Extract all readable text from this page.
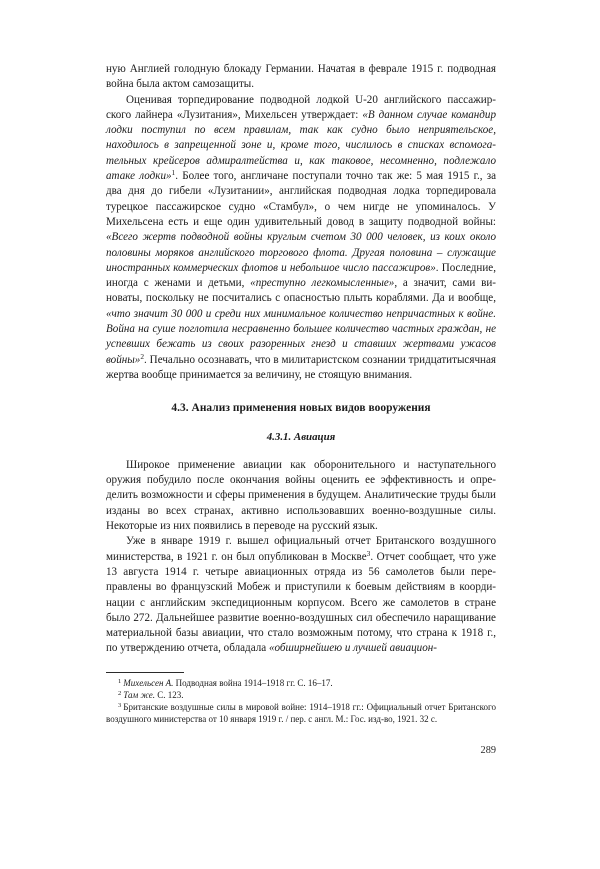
ную Англией голодную блокаду Германии. Начатая в феврале 1915 г. подводная война была актом самозащиты.

Оценивая торпедирование подводной лодкой U-20 английского пассажирского лайнера «Лузитания», Михельсен утверждает: «В данном случае командир лодки поступил по всем правилам, так как судно было неприятельское, находилось в запрещенной зоне и, кроме того, числилось в списках вспомогательных крейсеров адмиралтейства и, как таковое, несомненно, подлежало атаке лодки»$^1$. Более того, англичане поступали точно так же: 5 мая 1915 г., за два дня до гибели «Лузитании», английская подводная лодка торпедировала турецкое пассажирское судно «Стамбул», о чем нигде не упоминалось. У Михельсена есть и еще один удивительный довод в защиту подводной войны: «Всего жертв подводной войны круглым счетом 30 000 человек, из коих около половины моряков английского торгового флота. Другая половина – служащие иностранных коммерческих флотов и небольшое число пассажиров». Последние, иногда с женами и детьми, «преступно легкомысленные», а значит, сами виноваты, поскольку не посчитались с опасностью плыть кораблями. Да и вообще, «что значит 30 000 и среди них минимальное количество непричастных к войне. Война на суше поглотила несравненно большее количество частных граждан, не успевших бежать из своих разоренных гнезд и ставших жертвами ужасов войны»$^2$. Печально осознавать, что в милитаристском сознании тридцатитысячная жертва вообще принимается за величину, не стоящую внимания.

4.3. Анализ применения новых видов вооружения
4.3.1. Авиация

Широкое применение авиации как оборонительного и наступательного оружия побудило после окончания войны оценить ее эффективность и определить возможности и сферы применения в будущем. Аналитические труды были изданы во всех странах, активно использовавших военно-воздушные силы. Некоторые из них появились в переводе на русский язык.

Уже в январе 1919 г. вышел официальный отчет Британского воздушного министерства, в 1921 г. он был опубликован в Москве$^3$. Отчет сообщает, что уже 13 августа 1914 г. четыре авиационных отряда из 56 самолетов были переправлены во французский Мобеж и приступили к боевым действиям в координации с английским экспедиционным корпусом. Всего же самолетов в стране было 272. Дальнейшее развитие военно-воздушных сил обеспечило наращивание материальной базы авиации, что стало возможным потому, что страна к 1918 г., по утверждению отчета, обладала «обширнейшею и лучшей авиацион-

$^1$ Михельсен А. Подводная война 1914–1918 гг. С. 16–17.

$^2$ Там же. С. 123.

$^3$ Британские воздушные силы в мировой войне: 1914–1918 гг.: Официальный отчет Британского воздушного министерства от 10 января 1919 г. / пер. с англ. М.: Гос. изд-во, 1921. 32 с.

289
